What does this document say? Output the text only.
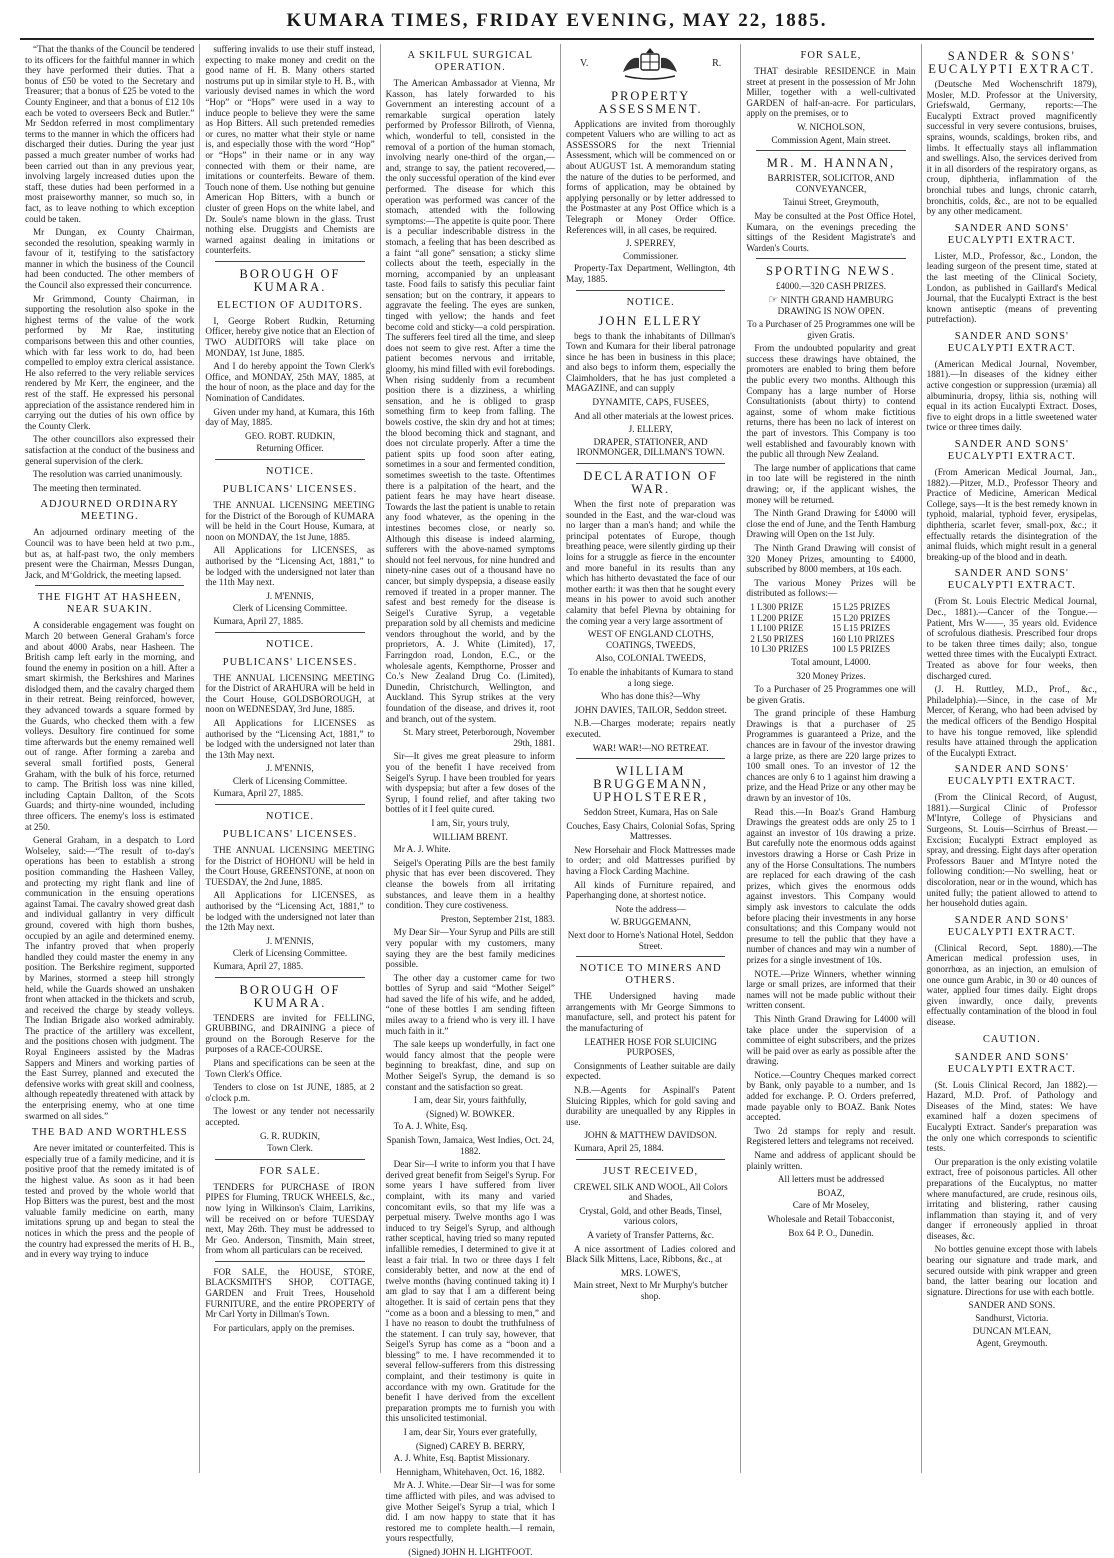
KUMARA TIMES, FRIDAY EVENING, MAY 22, 1885.

“That the thanks of the Council be tendered to its officers for the faithful manner in which they have performed their duties. That a bonus of £50 be voted to the Secretary and Treasurer; that a bonus of £25 be voted to the County Engineer, and that a bonus of £12 10s each be voted to overseers Beck and Butler.” Mr Seddon referred in most complimentary terms to the manner in which the officers had discharged their duties. During the year just passed a much greater number of works had been carried out than in any previous year, involving largely increased duties upon the staff, these duties had been performed in a most praiseworthy manner, so much so, in fact, as to leave nothing to which exception could be taken.

Mr Dungan, ex County Chairman, seconded the resolution, speaking warmly in favour of it, testifying to the satisfactory manner in which the business of the Council had been conducted. The other members of the Council also expressed their concurrence.

Mr Grimmond, County Chairman, in supporting the resolution also spoke in the highest terms of the value of the work performed by Mr Rae, instituting comparisons between this and other counties, which with far less work to do, had been compelled to employ extra clerical assistance. He also referred to the very reliable services rendered by Mr Kerr, the engineer, and the rest of the staff. He expressed his personal appreciation of the assistance rendered him in carrying out the duties of his own office by the County Clerk.

The other councillors also expressed their satisfaction at the conduct of the business and general supervision of the clerk.

The resolution was carried unanimously.

The meeting then terminated.

ADJOURNED ORDINARY MEETING.

An adjourned ordinary meeting of the Council was to have been held at two p.m., but as, at half-past two, the only members present were the Chairman, Messrs Dungan, Jack, and M‘Goldrick, the meeting lapsed.

THE FIGHT AT HASHEEN, NEAR SUAKIN.

A considerable engagement was fought on March 20 between General Graham's force and about 4000 Arabs, near Hasheen. The British camp left early in the morning, and found the enemy in position on a hill. After a smart skirmish, the Berkshires and Marines dislodged them, and the cavalry charged them in their retreat. Being reinforced, however, they advanced towards a square formed by the Guards, who checked them with a few volleys. Desultory fire continued for some time afterwards but the enemy remained well out of range. After forming a zareba and several small fortified posts, General Graham, with the bulk of his force, returned to camp. The British loss was nine killed, including Captain Dallton, of the Scots Guards; and thirty-nine wounded, including three officers. The enemy's loss is estimated at 250.

General Graham, in a despatch to Lord Wolseley, said:—“The result of to-day's operations has been to establish a strong position commanding the Hasheen Valley, and protecting my right flank and line of communication in the ensuing operations against Tamai. The cavalry showed great dash and individual gallantry in very difficult ground, covered with high thorn bushes, occupied by an agile and determined enemy. The infantry proved that when properly handled they could master the enemy in any position. The Berkshire regiment, supported by Marines, stormed a steep hill strongly held, while the Guards showed an unshaken front when attacked in the thickets and scrub, and received the charge by steady volleys. The Indian Brigade also worked admirably. The practice of the artillery was excellent, and the positions chosen with judgment. The Royal Engineers assisted by the Madras Sappers and Miners and working parties of the East Surrey, planned and executed the defensive works with great skill and coolness, although repeatedly threatened with attack by the enterprising enemy, who at one time swarmed on all sides.”

THE BAD AND WORTHLESS

Are never imitated or counterfeited. This is especially true of a family medicine, and it is positive proof that the remedy imitated is of the highest value. As soon as it had been tested and proved by the whole world that Hop Bitters was the purest, best and the most valuable family medicine on earth, many imitations sprung up and began to steal the notices in which the press and the people of the country had expressed the merits of H. B., and in every way trying to induce

suffering invalids to use their stuff instead, expecting to make money and credit on the good name of H. B. Many others started nostrums put up in similar style to H. B., with variously devised names in which the word “Hop” or “Hops” were used in a way to induce people to believe they were the same as Hop Bitters. All such pretended remedies or cures, no matter what their style or name is, and especially those with the word “Hop” or “Hops” in their name or in any way connected with them or their name, are imitations or counterfeits. Beware of them. Touch none of them. Use nothing but genuine American Hop Bitters, with a bunch or cluster of green Hops on the white label, and Dr. Soule's name blown in the glass. Trust nothing else. Druggists and Chemists are warned against dealing in imitations or counterfeits.

BOROUGH OF KUMARA.
ELECTION OF AUDITORS.

I, George Robert Rudkin, Returning Officer, hereby give notice that an Election of TWO AUDITORS will take place on MONDAY, 1st June, 1885.

And I do hereby appoint the Town Clerk's Office, and MONDAY, 25th MAY, 1885, at the hour of noon, as the place and day for the Nomination of Candidates.

Given under my hand, at Kumara, this 16th day of May, 1885.

GEO. ROBT. RUDKIN,

Returning Officer.

NOTICE.
PUBLICANS' LICENSES.

THE ANNUAL LICENSING MEETING for the District of the Borough of KUMARA will be held in the Court House, Kumara, at noon on MONDAY, the 1st June, 1885.

All Applications for LICENSES, as authorised by the “Licensing Act, 1881,” to be lodged with the undersigned not later than the 11th May next.

J. M'ENNIS,

Clerk of Licensing Committee.

Kumara, April 27, 1885.

NOTICE.
PUBLICANS' LICENSES.

THE ANNUAL LICENSING MEETING for the District of ARAHURA will be held in the Court House, GOLDSBOROUGH, at noon on WEDNESDAY, 3rd June, 1885.

All Applications for LICENSES as authorised by the “Licensing Act, 1881,” to be lodged with the undersigned not later than the 13th May next.

J. M'ENNIS,

Clerk of Licensing Committee.

Kumara, April 27, 1885.

NOTICE.
PUBLICANS' LICENSES.

THE ANNUAL LICENSING MEETING for the District of HOHONU will be held in the Court House, GREENSTONE, at noon on TUESDAY, the 2nd June, 1885.

All Applications for LICENSES, as authorised by the “Licensing Act, 1881,” to be lodged with the undersigned not later than the 12th May next.

J. M'ENNIS,

Clerk of Licensing Committee.

Kumara, April 27, 1885.

BOROUGH OF KUMARA.

TENDERS are invited for FELLING, GRUBBING, and DRAINING a piece of ground on the Borough Reserve for the purposes of a RACE-COURSE.

Plans and specifications can be seen at the Town Clerk's Office.

Tenders to close on 1st JUNE, 1885, at 2 o'clock p.m.

The lowest or any tender not necessarily accepted.

G. R. RUDKIN,

Town Clerk.

FOR SALE.

TENDERS for PURCHASE of IRON PIPES for Fluming, TRUCK WHEELS, &c., now lying in Wilkinson's Claim, Larrikins, will be received on or before TUESDAY next, May 26th. They must be addressed to Mr Geo. Anderson, Tinsmith, Main street, from whom all particulars can be received.

FOR SALE, the HOUSE, STORE, BLACKSMITH'S SHOP, COTTAGE, GARDEN and Fruit Trees, Household FURNITURE, and the entire PROPERTY of Mr Carl Yorty in Dillman's Town.

For particulars, apply on the premises.

A SKILFUL SURGICAL OPERATION.

The American Ambassador at Vienna, Mr Kasson, has lately forwarded to his Government an interesting account of a remarkable surgical operation lately performed by Professor Billroth, of Vienna, which, wonderful to tell, consisted in the removal of a portion of the human stomach, involving nearly one-third of the organ,—and, strange to say, the patient recovered,—the only successful operation of the kind ever performed. The disease for which this operation was performed was cancer of the stomach, attended with the following symptoms:—The appetite is quite poor. There is a peculiar indescribable distress in the stomach, a feeling that has been described as a faint “all gone” sensation; a sticky slime collects about the teeth, especially in the morning, accompanied by an unpleasant taste. Food fails to satisfy this peculiar faint sensation; but on the contrary, it appears to aggravate the feeling. The eyes are sunken, tinged with yellow; the hands and feet become cold and sticky—a cold perspiration. The sufferers feel tired all the time, and sleep does not seem to give rest. After a time the patient becomes nervous and irritable, gloomy, his mind filled with evil forebodings. When rising suddenly from a recumbent position there is a dizziness, a whirling sensation, and he is obliged to grasp something firm to keep from falling. The bowels costive, the skin dry and hot at times; the blood becoming thick and stagnant, and does not circulate properly. After a time the patient spits up food soon after eating, sometimes in a sour and fermented condition, sometimes sweetish to the taste. Oftentimes there is a palpitation of the heart, and the patient fears he may have heart disease. Towards the last the patient is unable to retain any food whatever, as the opening in the intestines becomes close, or nearly so. Although this disease is indeed alarming, sufferers with the above-named symptoms should not feel nervous, for nine hundred and ninety-nine cases out of a thousand have no cancer, but simply dyspepsia, a disease easily removed if treated in a proper manner. The safest and best remedy for the disease is Seigel's Curative Syrup, a vegetable preparation sold by all chemists and medicine vendors throughout the world, and by the proprietors, A. J. White (Limited), 17, Farringdon road, London, E.C., or the wholesale agents, Kempthorne, Prosser and Co.'s New Zealand Drug Co. (Limited), Dunedin, Christchurch, Wellington, and Auckland. This Syrup strikes at the very foundation of the disease, and drives it, root and branch, out of the system.

St. Mary street, Peterborough, November 29th, 1881.

Sir—It gives me great pleasure to inform you of the benefit I have received from Seigel's Syrup. I have been troubled for years with dyspepsia; but after a few doses of the Syrup, I found relief, and after taking two bottles of it I feel quite cured.

I am, Sir, yours truly,

WILLIAM BRENT.

Mr A. J. White.

Seigel's Operating Pills are the best family physic that has ever been discovered. They cleanse the bowels from all irritating substances, and leave them in a healthy condition. They cure costiveness.

Preston, September 21st, 1883.

My Dear Sir—Your Syrup and Pills are still very popular with my customers, many saying they are the best family medicines possible.

The other day a customer came for two bottles of Syrup and said “Mother Seigel” had saved the life of his wife, and he added, “one of these bottles I am sending fifteen miles away to a friend who is very ill. I have much faith in it.”

The sale keeps up wonderfully, in fact one would fancy almost that the people were beginning to breakfast, dine, and sup on Mother Seigel's Syrup, the demand is so constant and the satisfaction so great.

I am, dear Sir, yours faithfully,

(Signed) W. BOWKER.

To A. J. White, Esq.

Spanish Town, Jamaica, West Indies, Oct. 24, 1882.

Dear Sir—I write to inform you that I have derived great benefit from Seigel's Syrup. For some years I have suffered from liver complaint, with its many and varied concomitant evils, so that my life was a perpetual misery. Twelve months ago I was induced to try Seigel's Syrup, and although rather sceptical, having tried so many reputed infallible remedies, I determined to give it at least a fair trial. In two or three days I felt considerably better, and now at the end of twelve months (having continued taking it) I am glad to say that I am a different being altogether. It is said of certain pens that they “come as a boon and a blessing to men,” and I have no reason to doubt the truthfulness of the statement. I can truly say, however, that Seigel's Syrup has come as a “boon and a blessing” to me. I have recommended it to several fellow-sufferers from this distressing complaint, and their testimony is quite in accordance with my own. Gratitude for the benefit I have derived from the excellent preparation prompts me to furnish you with this unsolicited testimonial.

I am, dear Sir, Yours ever gratefully,

(Signed) CAREY B. BERRY,

A. J. White, Esq. Baptist Missionary.

Hennigham, Whitehaven, Oct. 16, 1882.

Mr A. J. White.—Dear Sir—I was for some time afflicted with piles, and was advised to give Mother Seigel's Syrup a trial, which I did. I am now happy to state that it has restored me to complete health.—I remain, yours respectfully,

(Signed) JOHN H. LIGHTFOOT.

V.	R.
PROPERTY ASSESSMENT.

Applications are invited from thoroughly competent Valuers who are willing to act as ASSESSORS for the next Triennial Assessment, which will be commenced on or about AUGUST 1st. A memorandum stating the nature of the duties to be performed, and forms of application, may be obtained by applying personally or by letter addressed to the Postmaster at any Post Office which is a Telegraph or Money Order Office. References will, in all cases, be required.

J. SPERREY,

Commissioner.

Property-Tax Department, Wellington, 4th May, 1885.

NOTICE.
JOHN ELLERY

begs to thank the inhabitants of Dillman's Town and Kumara for their liberal patronage since he has been in business in this place; and also begs to inform them, especially the Claimholders, that he has just completed a MAGAZINE, and can supply

DYNAMITE, CAPS, FUSEES,

And all other materials at the lowest prices.

J. ELLERY,

DRAPER, STATIONER, AND IRONMONGER, DILLMAN'S TOWN.

DECLARATION OF WAR.

When the first note of preparation was sounded in the East, and the war-cloud was no larger than a man's hand; and while the principal potentates of Europe, though breathing peace, were silently girding up their loins for a struggle as fierce in the encounter and more baneful in its results than any which has hitherto devastated the face of our mother earth: it was then that he sought every means in his power to avoid such another calamity that befel Plevna by obtaining for the coming year a very large assortment of

WEST OF ENGLAND CLOTHS, COATINGS, TWEEDS,

Also, COLONIAL TWEEDS,

To enable the inhabitants of Kumara to stand a long siege.

Who has done this?—Why

JOHN DAVIES, TAILOR, Seddon street.

N.B.—Charges moderate; repairs neatly executed.

WAR! WAR!—NO RETREAT.

WILLIAM BRUGGEMANN, UPHOLSTERER,

Seddon Street, Kumara, Has on Sale

Couches, Easy Chairs, Colonial Sofas, Spring Mattresses.

New Horsehair and Flock Mattresses made to order; and old Mattresses purified by having a Flock Carding Machine.

All kinds of Furniture repaired, and Paperhanging done, at shortest notice.

Note the address—

W. BRUGGEMANN,

Next door to Horne's National Hotel, Seddon Street.

NOTICE TO MINERS AND OTHERS.

THE Undersigned having made arrangements with Mr George Simmons to manufacture, sell, and protect his patent for the manufacturing of

LEATHER HOSE FOR SLUICING PURPOSES,

Consignments of Leather suitable are daily expected.

N.B.—Agents for Aspinall's Patent Sluicing Ripples, which for gold saving and durability are unequalled by any Ripples in use.

JOHN & MATTHEW DAVIDSON.

Kumara, April 25, 1884.

JUST RECEIVED,

CREWEL SILK AND WOOL, All Colors and Shades,

Crystal, Gold, and other Beads, Tinsel, various colors,

A variety of Transfer Patterns, &c.

A nice assortment of Ladies colored and Black Silk Mittens, Lace, Ribbons, &c., at

MRS. LOWE'S,

Main street, Next to Mr Murphy's butcher shop.

FOR SALE,

THAT desirable RESIDENCE in Main street at present in the possession of Mr John Miller, together with a well-cultivated GARDEN of half-an-acre. For particulars, apply on the premises, or to

W. NICHOLSON,

Commission Agent, Main street.

MR. M. HANNAN,

BARRISTER, SOLICITOR, AND CONVEYANCER,

Tainui Street, Greymouth,

May be consulted at the Post Office Hotel, Kumara, on the evenings preceding the sittings of the Resident Magistrate's and Warden's Courts.

SPORTING NEWS.

£4000.—320 CASH PRIZES.

☞ NINTH GRAND HAMBURG DRAWING IS NOW OPEN.

To a Purchaser of 25 Programmes one will be given Gratis.

From the undoubted popularity and great success these drawings have obtained, the promoters are enabled to bring them before the public every two months. Although this Company has a large number of Horse Consultationists (about thirty) to contend against, some of whom make fictitious returns, there has been no lack of interest on the part of investors. This Company is too well established and favourably known with the public all through New Zealand.

The large number of applications that came in too late will be registered in the ninth drawing; or, if the applicant wishes, the money will be returned.

The Ninth Grand Drawing for £4000 will close the end of June, and the Tenth Hamburg Drawing will Open on the 1st July.

The Ninth Grand Drawing will consist of 320 Money Prizes, amounting to £4000, subscribed by 8000 members, at 10s each.

The various Money Prizes will be distributed as follows:—

1 L300 PRIZE	15 L25 PRIZES
1 L200 PRIZE	15 L20 PRIZES
1 L100 PRIZE	15 L15 PRIZES
2 L50 PRIZES	160 L10 PRIZES
10 L30 PRIZES	100 L5 PRIZES

Total amount, L4000.

320 Money Prizes.

To a Purchaser of 25 Programmes one will be given Gratis.

The grand principle of these Hamburg Drawings is that a purchaser of 25 Programmes is guaranteed a Prize, and the chances are in favour of the investor drawing a large prize, as there are 220 large prizes to 100 small ones. To an investor of 12 the chances are only 6 to 1 against him drawing a prize, and the Head Prize or any other may be drawn by an investor of 10s.

Read this.—In Boaz's Grand Hamburg Drawings the greatest odds are only 25 to 1 against an investor of 10s drawing a prize. But carefully note the enormous odds against investors drawing a Horse or Cash Prize in any of the Horse Consultations. The numbers are replaced for each drawing of the cash prizes, which gives the enormous odds against investors. This Company would simply ask investors to calculate the odds before placing their investments in any horse consultations; and this Company would not presume to tell the public that they have a number of chances and may win a number of prizes for a single investment of 10s.

NOTE.—Prize Winners, whether winning large or small prizes, are informed that their names will not be made public without their written consent.

This Ninth Grand Drawing for L4000 will take place under the supervision of a committee of eight subscribers, and the prizes will be paid over as early as possible after the drawing.

Notice.—Country Cheques marked correct by Bank, only payable to a number, and 1s added for exchange. P. O. Orders preferred, made payable only to BOAZ. Bank Notes accepted.

Two 2d stamps for reply and result. Registered letters and telegrams not received.

Name and address of applicant should be plainly written.

All letters must be addressed

BOAZ,

Care of Mr Moseley,

Wholesale and Retail Tobacconist,

Box 64 P. O., Dunedin.

SANDER & SONS' EUCALYPTI EXTRACT.

(Deutsche Med Wochenschrift 1879), Mosler, M.D. Professor at the University, Griefswald, Germany, reports:—The Eucalypti Extract proved magnificently successful in very severe contusions, bruises, sprains, wounds, scaldings, broken ribs, and limbs. It effectually stays all inflammation and swellings. Also, the services derived from it in all disorders of the respiratory organs, as croup, diphtheria, inflammation of the bronchial tubes and lungs, chronic catarrh, bronchitis, colds, &c., are not to be equalled by any other medicament.

SANDER AND SONS' EUCALYPTI EXTRACT.

Lister, M.D., Professor, &c., London, the leading surgeon of the present time, stated at the last meeting of the Clinical Society, London, as published in Gaillard's Medical Journal, that the Eucalypti Extract is the best known antiseptic (means of preventing putrefaction).

SANDER AND SONS' EUCALYPTI EXTRACT.

(American Medical Journal, November, 1881).—In diseases of the kidney either active congestion or suppression (uræmia) all albuminuria, dropsy, lithia sis, nothing will equal in its action Eucalypti Extract. Doses, five to eight drops in a little sweetened water twice or three times daily.

SANDER AND SONS' EUCALYPTI EXTRACT.

(From American Medical Journal, Jan., 1882).—Pitzer, M.D., Professor Theory and Practice of Medicine, American Medical College, says—It is the best remedy known in typhoid, malarial, typhoid fever, erysipelas, diphtheria, scarlet fever, small-pox, &c.; it effectually retards the disintegration of the animal fluids, which might result in a general breaking-up of the blood and in death.

SANDER AND SONS' EUCALYPTI EXTRACT.

(From St. Louis Electric Medical Journal, Dec., 1881).—Cancer of the Tongue.—Patient, Mrs W——, 35 years old. Evidence of scrofulous diathesis. Prescribed four drops to be taken three times daily; also, tongue wetted three times with the Eucalypti Extract. Treated as above for four weeks, then discharged cured.

(J. H. Ruttley, M.D., Prof., &c., Philadelphia).—Since, in the case of Mr Mercer, of Kerang, who had been advised by the medical officers of the Bendigo Hospital to have his tongue removed, like splendid results have attained through the application of the Eucalypti Extract.

SANDER AND SONS' EUCALYPTI EXTRACT.

(From the Clinical Record, of August, 1881).—Surgical Clinic of Professor M'Intyre, College of Physicians and Surgeons, St. Louis—Scirrhus of Breast.—Excision; Eucalypti Extract employed as spray, and dressing. Eight days after operation Professors Bauer and M'Intyre noted the following condition:—No swelling, heat or discoloration, near or in the wound, which has united fully; the patient allowed to attend to her household duties again.

SANDER AND SONS' EUCALYPTI EXTRACT.

(Clinical Record, Sept. 1880).—The American medical profession uses, in gonorrhœa, as an injection, an emulsion of one ounce gum Arabic, in 30 or 40 ounces of water, applied four times daily. Eight drops given inwardly, once daily, prevents effectually contamination of the blood in foul disease.

CAUTION.
SANDER AND SONS' EUCALYPTI EXTRACT.

(St. Louis Clinical Record, Jan 1882).—Hazard, M.D. Prof. of Pathology and Diseases of the Mind, states: We have examined half a dozen specimens of Eucalypti Extract. Sander's preparation was the only one which corresponds to scientific tests.

Our preparation is the only existing volatile extract, free of poisonous particles. All other preparations of the Eucalyptus, no matter where manufactured, are crude, resinous oils, irritating and blistering, rather causing inflammation than staying it, and of very danger if erroneously applied in throat diseases, &c.

No bottles genuine except those with labels bearing our signature and trade mark, and secured outside with pink wrapper and green band, the latter bearing our location and signature. Directions for use with each bottle.

SANDER AND SONS.

Sandhurst, Victoria.

DUNCAN M'LEAN,

Agent, Greymouth.
